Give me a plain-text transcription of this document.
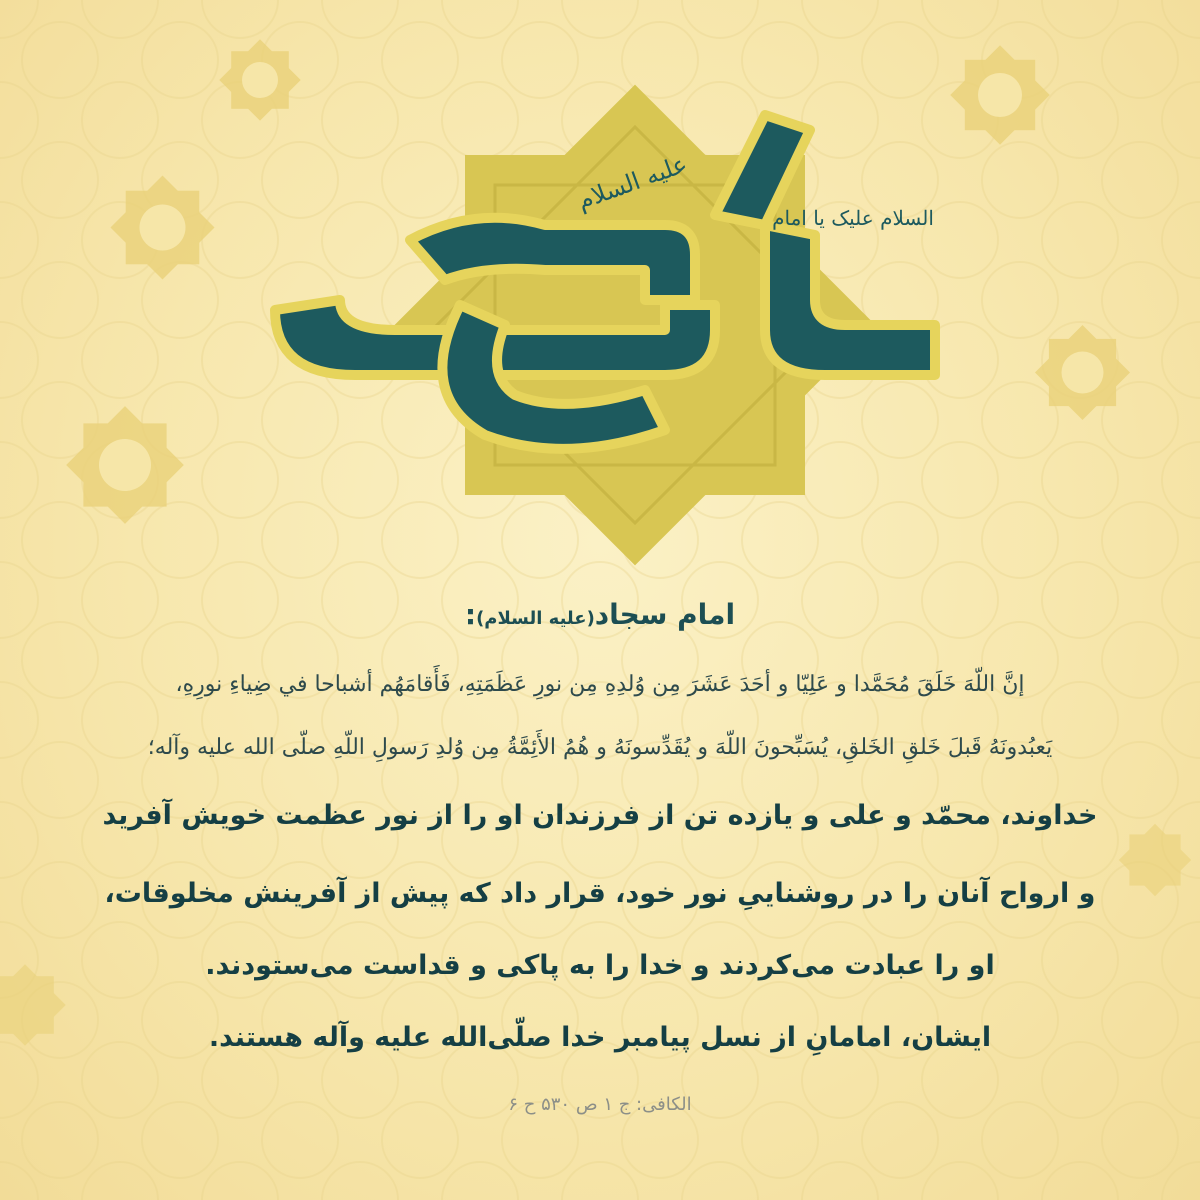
السلام علیک یا امام
علیه السلام
امام سجاد(علیه السلام):
إنَّ اللّهَ خَلَقَ مُحَمَّدا و عَلِيّا و أحَدَ عَشَرَ مِن وُلدِهِ مِن نورِ عَظَمَتِهِ، فَأَقامَهُم أشباحا في ضِياءِ نورِهِ،
يَعبُدونَهُ قَبلَ خَلقِ الخَلقِ، يُسَبِّحونَ اللّهَ و يُقَدِّسونَهُ و هُمُ الأَئِمَّةُ مِن وُلدِ رَسولِ اللّهِ صلّى الله عليه وآله؛
خداوند، محمّد و علی و یازده تن از فرزندان او را از نور عظمت خویش آفرید
و ارواح آنان را در روشناییِ نور خود، قرار داد که پیش از آفرینش مخلوقات،
او را عبادت می‌کردند و خدا را به پاکی و قداست می‌ستودند.
ایشان، امامانِ از نسل پیامبر خدا صلّی‌الله علیه وآله هستند.
الکافی: ج ۱ ص ۵۳۰ ح ۶
